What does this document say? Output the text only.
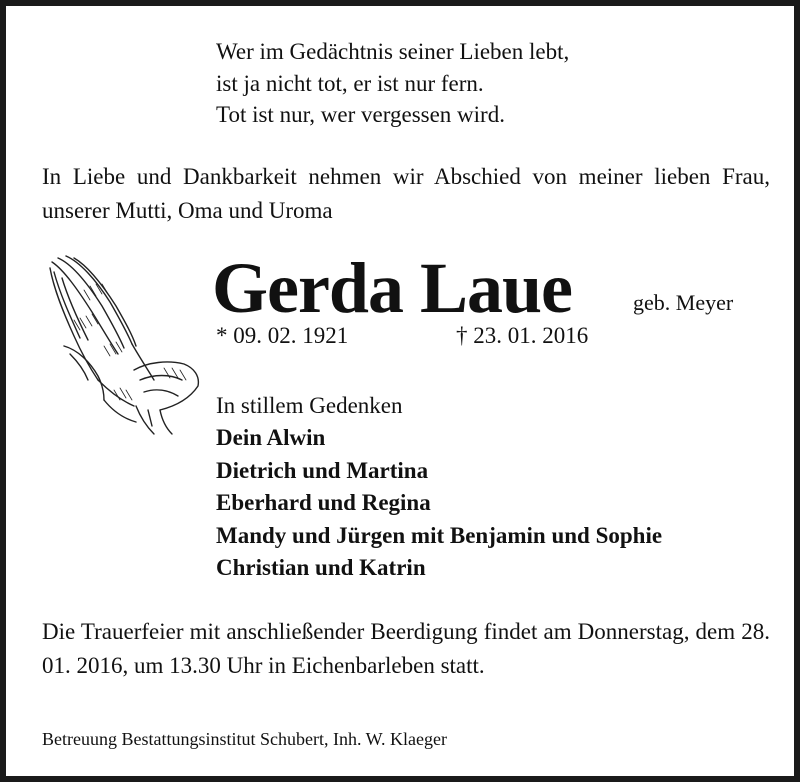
Wer im Gedächtnis seiner Lieben lebt,
ist ja nicht tot, er ist nur fern.
Tot ist nur, wer vergessen wird.
In Liebe und Dankbarkeit nehmen wir Abschied von meiner lieben Frau, unserer Mutti, Oma und Uroma
Gerda Laue	geb. Meyer
* 09. 02. 1921	† 23. 01. 2016
In stillem Gedenken
Dein Alwin
Dietrich und Martina
Eberhard und Regina
Mandy und Jürgen mit Benjamin und Sophie
Christian und Katrin
Die Trauerfeier mit anschließender Beerdigung findet am Donnerstag, dem 28. 01. 2016, um 13.30 Uhr in Eichenbarleben statt.
Betreuung Bestattungsinstitut Schubert, Inh. W. Klaeger
